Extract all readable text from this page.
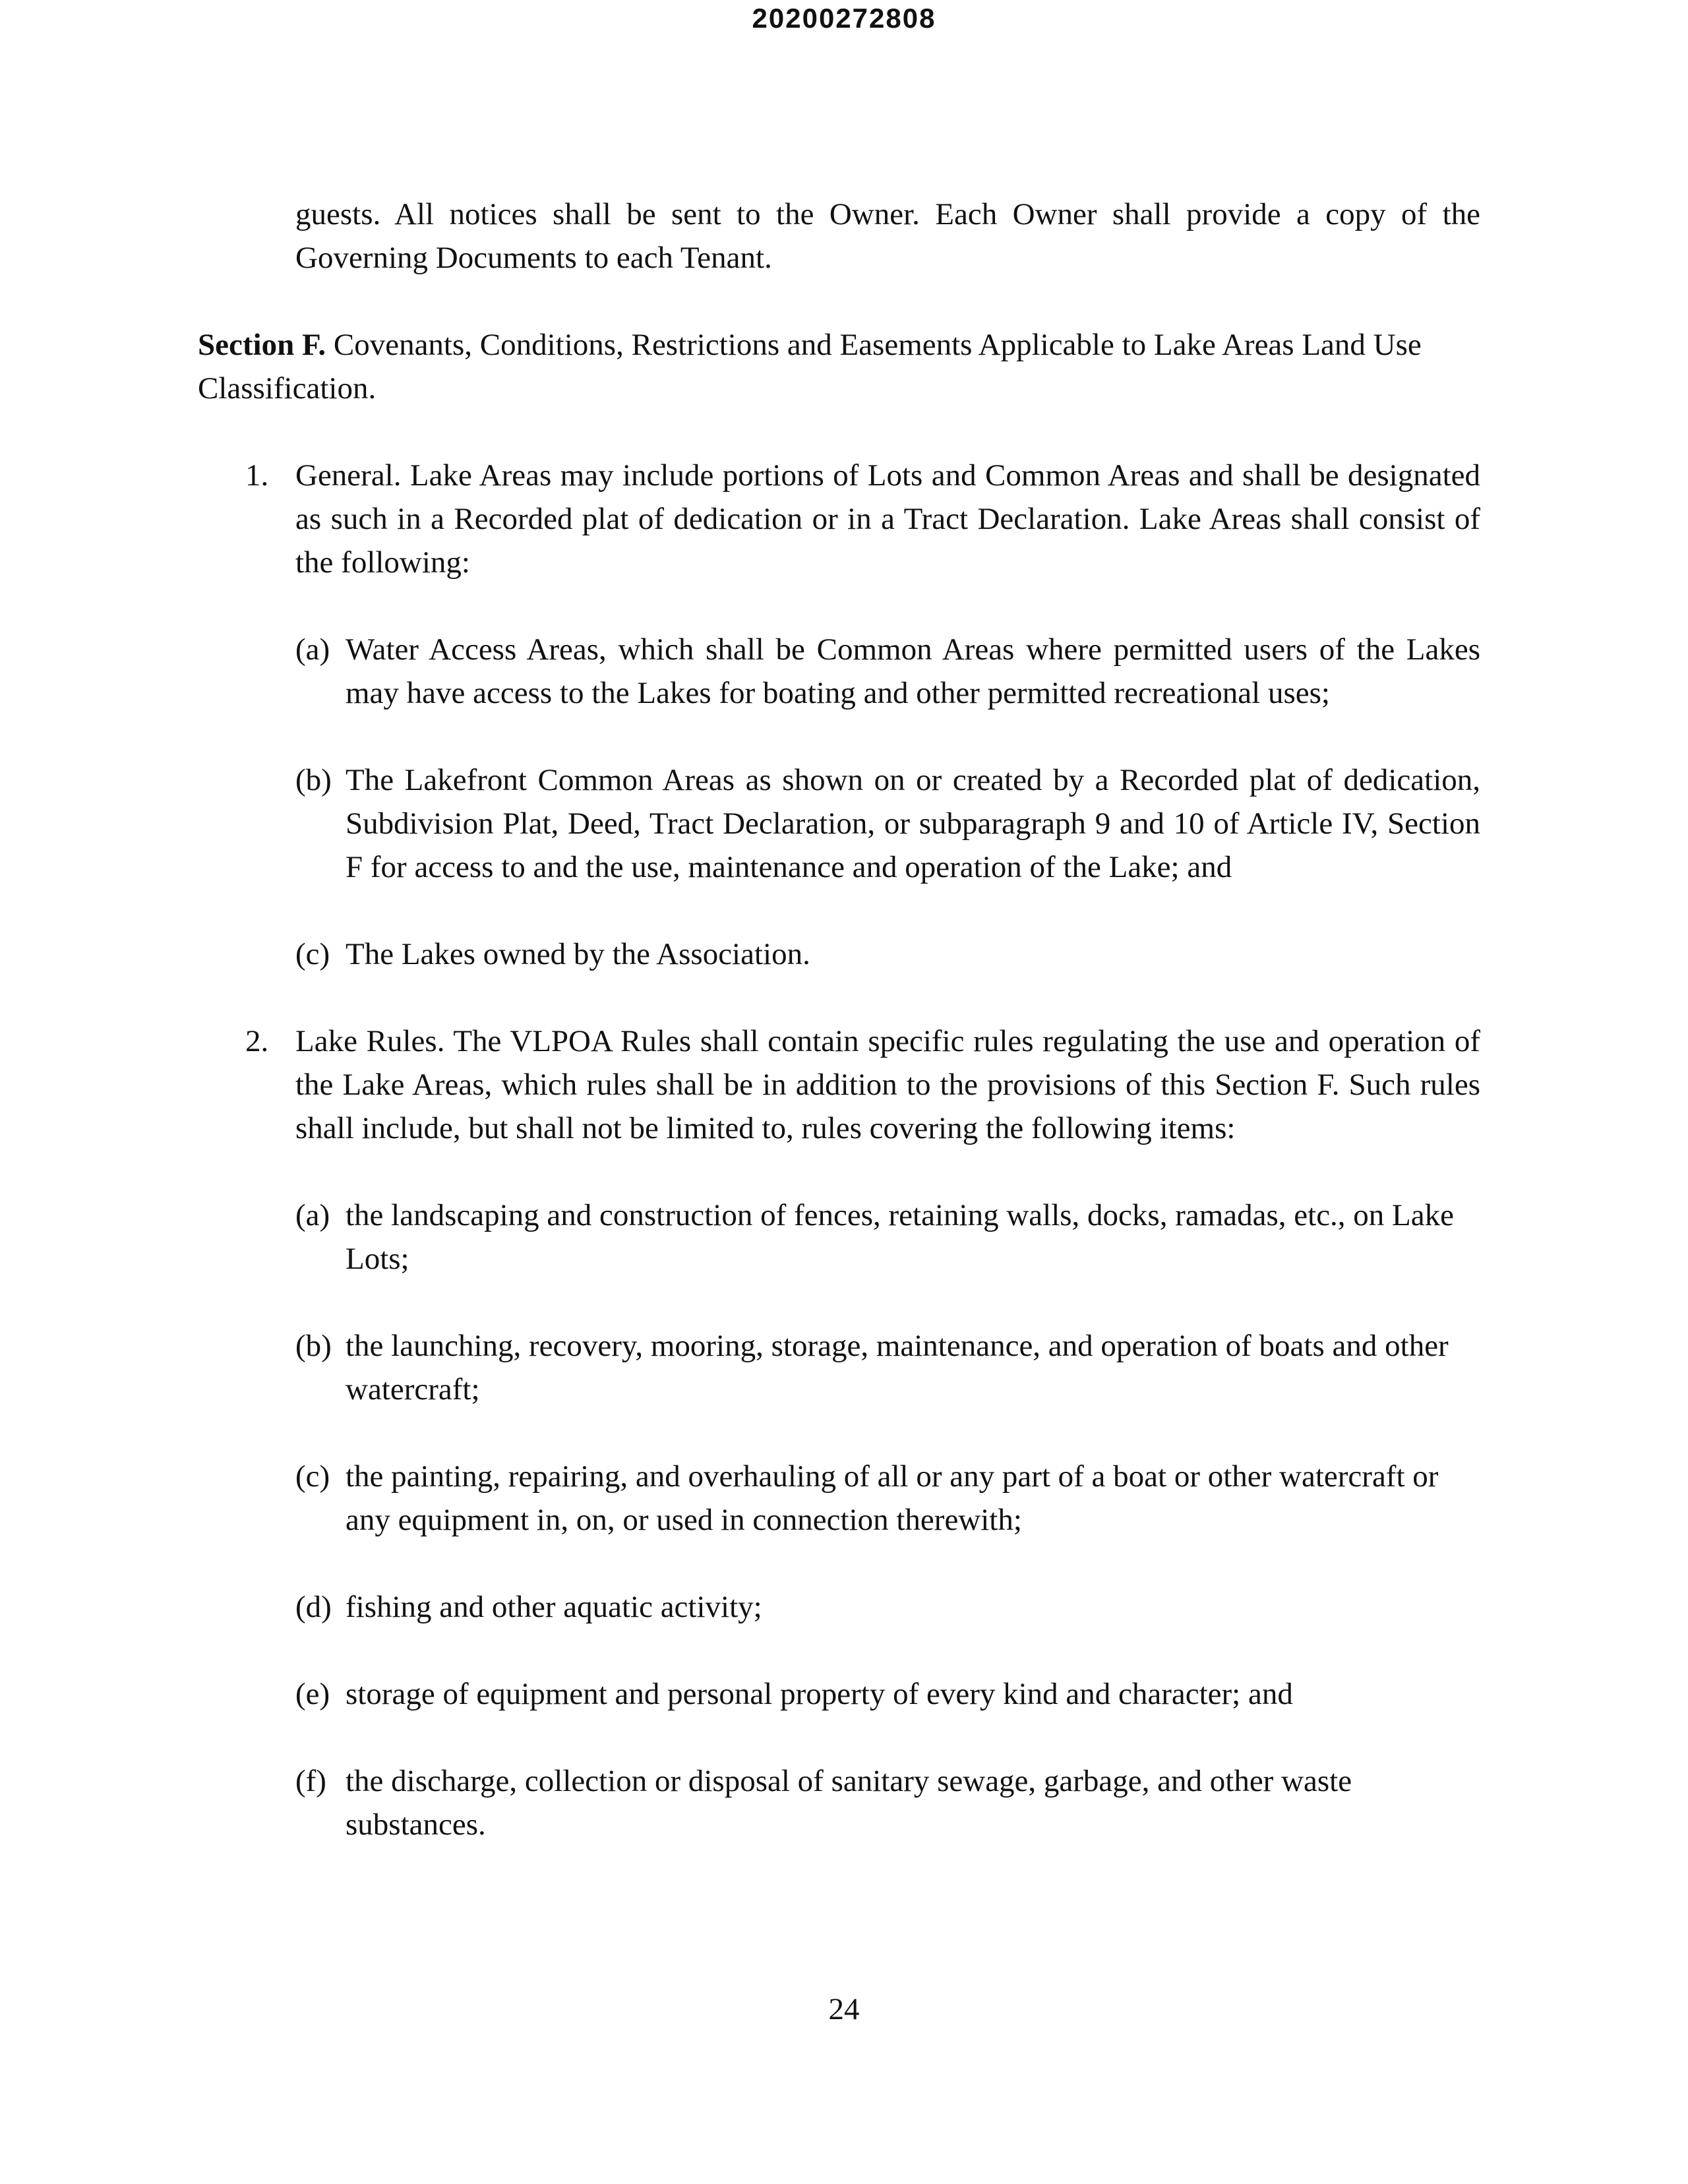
20200272808

guests. All notices shall be sent to the Owner. Each Owner shall provide a copy of the Governing Documents to each Tenant.

Section F. Covenants, Conditions, Restrictions and Easements Applicable to Lake Areas Land Use Classification.

1. General. Lake Areas may include portions of Lots and Common Areas and shall be designated as such in a Recorded plat of dedication or in a Tract Declaration. Lake Areas shall consist of the following:

(a) Water Access Areas, which shall be Common Areas where permitted users of the Lakes may have access to the Lakes for boating and other permitted recreational uses;

(b) The Lakefront Common Areas as shown on or created by a Recorded plat of dedication, Subdivision Plat, Deed, Tract Declaration, or subparagraph 9 and 10 of Article IV, Section F for access to and the use, maintenance and operation of the Lake; and

(c) The Lakes owned by the Association.

2. Lake Rules. The VLPOA Rules shall contain specific rules regulating the use and operation of the Lake Areas, which rules shall be in addition to the provisions of this Section F. Such rules shall include, but shall not be limited to, rules covering the following items:

(a) the landscaping and construction of fences, retaining walls, docks, ramadas, etc., on Lake Lots;

(b) the launching, recovery, mooring, storage, maintenance, and operation of boats and other watercraft;

(c) the painting, repairing, and overhauling of all or any part of a boat or other watercraft or any equipment in, on, or used in connection therewith;

(d) fishing and other aquatic activity;

(e) storage of equipment and personal property of every kind and character; and

(f) the discharge, collection or disposal of sanitary sewage, garbage, and other waste substances.

24
